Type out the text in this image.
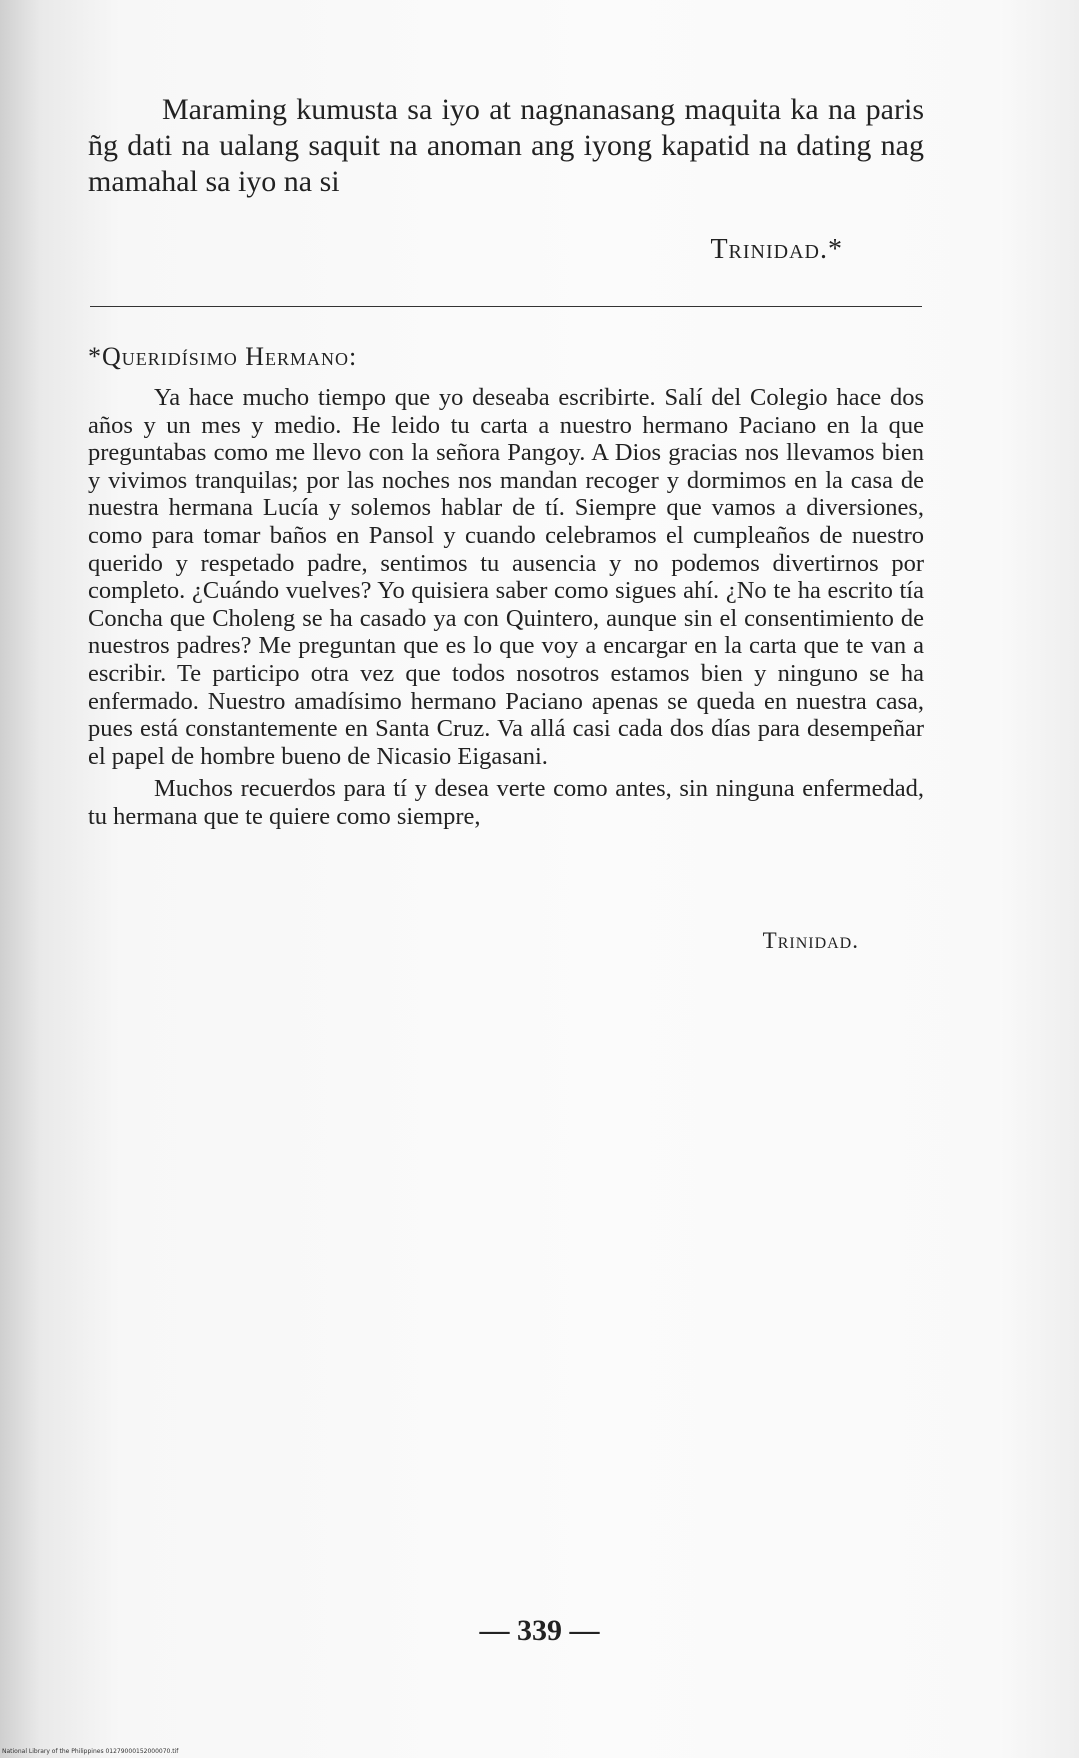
Maraming kumusta sa iyo at nagnanasang maquita ka na paris ñg dati na ualang saquit na anoman ang iyong kapatid na dating nag mamahal sa iyo na si

Trinidad.*

*Queridísimo Hermano:

Ya hace mucho tiempo que yo deseaba escribirte. Salí del Colegio hace dos años y un mes y medio. He leido tu carta a nuestro hermano Paciano en la que preguntabas como me llevo con la señora Pangoy. A Dios gracias nos llevamos bien y vivimos tranquilas; por las noches nos mandan recoger y dormimos en la casa de nuestra hermana Lucía y solemos hablar de tí. Siempre que vamos a diversiones, como para tomar baños en Pansol y cuando celebramos el cumpleaños de nuestro querido y respetado padre, sentimos tu ausencia y no podemos divertirnos por completo. ¿Cuándo vuelves? Yo quisiera saber como sigues ahí. ¿No te ha escrito tía Concha que Choleng se ha casado ya con Quintero, aunque sin el consentimiento de nuestros padres? Me preguntan que es lo que voy a encargar en la carta que te van a escribir. Te participo otra vez que todos nosotros estamos bien y ninguno se ha enfermado. Nuestro amadísimo hermano Paciano apenas se queda en nuestra casa, pues está constantemente en Santa Cruz. Va allá casi cada dos días para desempeñar el papel de hombre bueno de Nicasio Eigasani.

Muchos recuerdos para tí y desea verte como antes, sin ninguna enfermedad, tu hermana que te quiere como siempre,

Trinidad.
— 339 —
National Library of the Philippines 01279000152000070.tif
